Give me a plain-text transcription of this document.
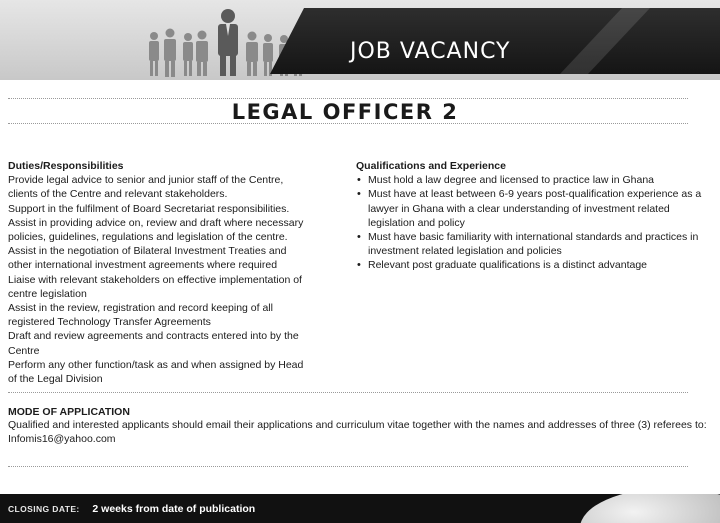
JOB VACANCY
LEGAL OFFICER 2

Duties/Responsibilities

Provide legal advice to senior and junior staff of the Centre,

clients of the Centre and relevant stakeholders.

Support in the fulfilment of Board Secretariat responsibilities.

Assist in providing advice on, review and draft where necessary

policies, guidelines, regulations and legislation of the centre.

Assist in the negotiation of Bilateral Investment Treaties and

other international investment agreements where required

Liaise with relevant stakeholders on effective implementation of

centre legislation

Assist in the review, registration and record keeping of all

registered Technology Transfer Agreements

Draft and review agreements and contracts entered into by the

Centre

Perform any other function/task as and when assigned by Head

of the Legal Division

Qualifications and Experience

• Must hold a law degree and licensed to practice law in Ghana
• Must have at least between 6-9 years post-qualification experience as a lawyer in Ghana with a clear understanding of investment related legislation and policy
• Must have basic familiarity with international standards and practices in investment related legislation and policies
• Relevant post graduate qualifications is a distinct advantage

MODE OF APPLICATION

Qualified and interested applicants should email their applications and curriculum vitae together with the names and addresses of three (3) referees to: Infomis16@yahoo.com

CLOSING DATE: 2 weeks from date of publication
